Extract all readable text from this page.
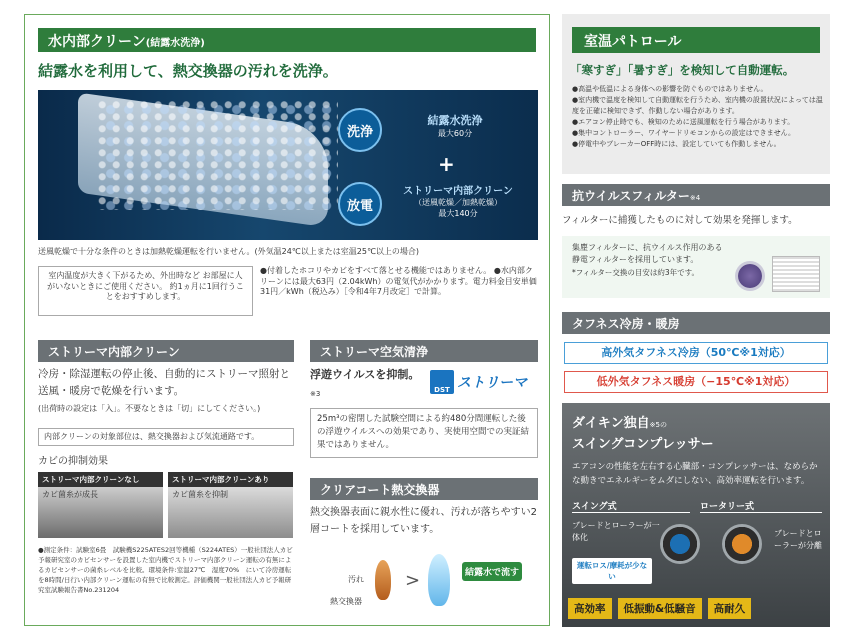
水内部クリーン(結露水洗浄)
結露水を利用して、熱交換器の汚れを洗浄。
洗浄
結露水洗浄
最大60分
+
放電
ストリーマ内部クリーン
（送風乾燥／加熱乾燥）
最大140分
送風乾燥で十分な条件のときは加熱乾燥運転を行いません。(外気温24℃以上または室温25℃以上の場合)
室内温度が大きく下がるため、外出時など お部屋に人がいないときにご使用ください。 約1ヵ月に1回行うことをおすすめします。
●付着したホコリやカビをすべて落とせる機能ではありません。 ●水内部クリーンには最大63円（2.04kWh）の電気代がかかります。電力料金目安単価31円／kWh（税込み）［令和4年7月改定］で計算。
ストリーマ内部クリーン
冷房・除湿運転の停止後、自動的にストリーマ照射と送風・暖房で乾燥を行います。
(出荷時の設定は「入」。不要なときは「切」にしてください。)
内部クリーンの対象部位は、熱交換器および気流通路です。
カビの抑制効果
ストリーマ内部クリーンなし
カビ菌糸が成長
ストリーマ内部クリーンあり
カビ菌糸を抑制
●測定条件：試験室6畳　試験機S225ATES2回等機種（S224ATES）一般社団法人カビ予報研究室のカビセンサーを設置した室内機でストリーマ内部クリーン運転の有無によるカビセンサーの菌糸レベルを比較。環境条件:室温27℃　湿度70%　にいて冷房運転を8時間/日行い内部クリーン運転の有無で比較測定。評価機関一般社団法人カビ予報研究室試験報告書No.231204
ストリーマ空気清浄
浮遊ウイルスを抑制。※3	DST ストリーマ
25m³の密閉した試験空間による約480分間運転した後の浮遊ウイルスへの効果であり、実使用空間での実証結果ではありません。
クリアコート熱交換器
熱交換器表面に親水性に優れ、汚れが落ちやすい2層コートを採用しています。
汚れ >	結露水で流す
熱交換器
室温パトロール
「寒すぎ」「暑すぎ」を検知して自動運転。
●高温や低温による身体への影響を防ぐものではありません。
●室内機で温度を検知して自動運転を行うため、室内機の設置状況によっては温度を正確に検知できず、作動しない場合があります。
●エアコン停止時でも、検知のために送風運転を行う場合があります。
●集中コントローラー、ワイヤードリモコンからの設定はできません。
●停電中やブレーカーOFF時には、設定していても作動しません。
抗ウイルスフィルター※4
フィルターに捕獲したものに対して効果を発揮します。
集塵フィルターに、抗ウイルス作用のある
静電フィルターを採用しています。
*フィルター交換の目安は約3年です。
タフネス冷房・暖房
高外気タフネス冷房（50℃※1対応）
低外気タフネス暖房（−15℃※1対応）
ダイキン独自※5の
スイングコンプレッサー
エアコンの性能を左右する心臓部・コンプレッサーは、なめらかな動きでエネルギーをムダにしない、高効率運転を行います。
スイング式	ロータリー式
ブレードとローラーが一体化	ブレードとローラーが分離
運転ロス/摩耗が少ない
高効率	低振動&低騒音	高耐久
